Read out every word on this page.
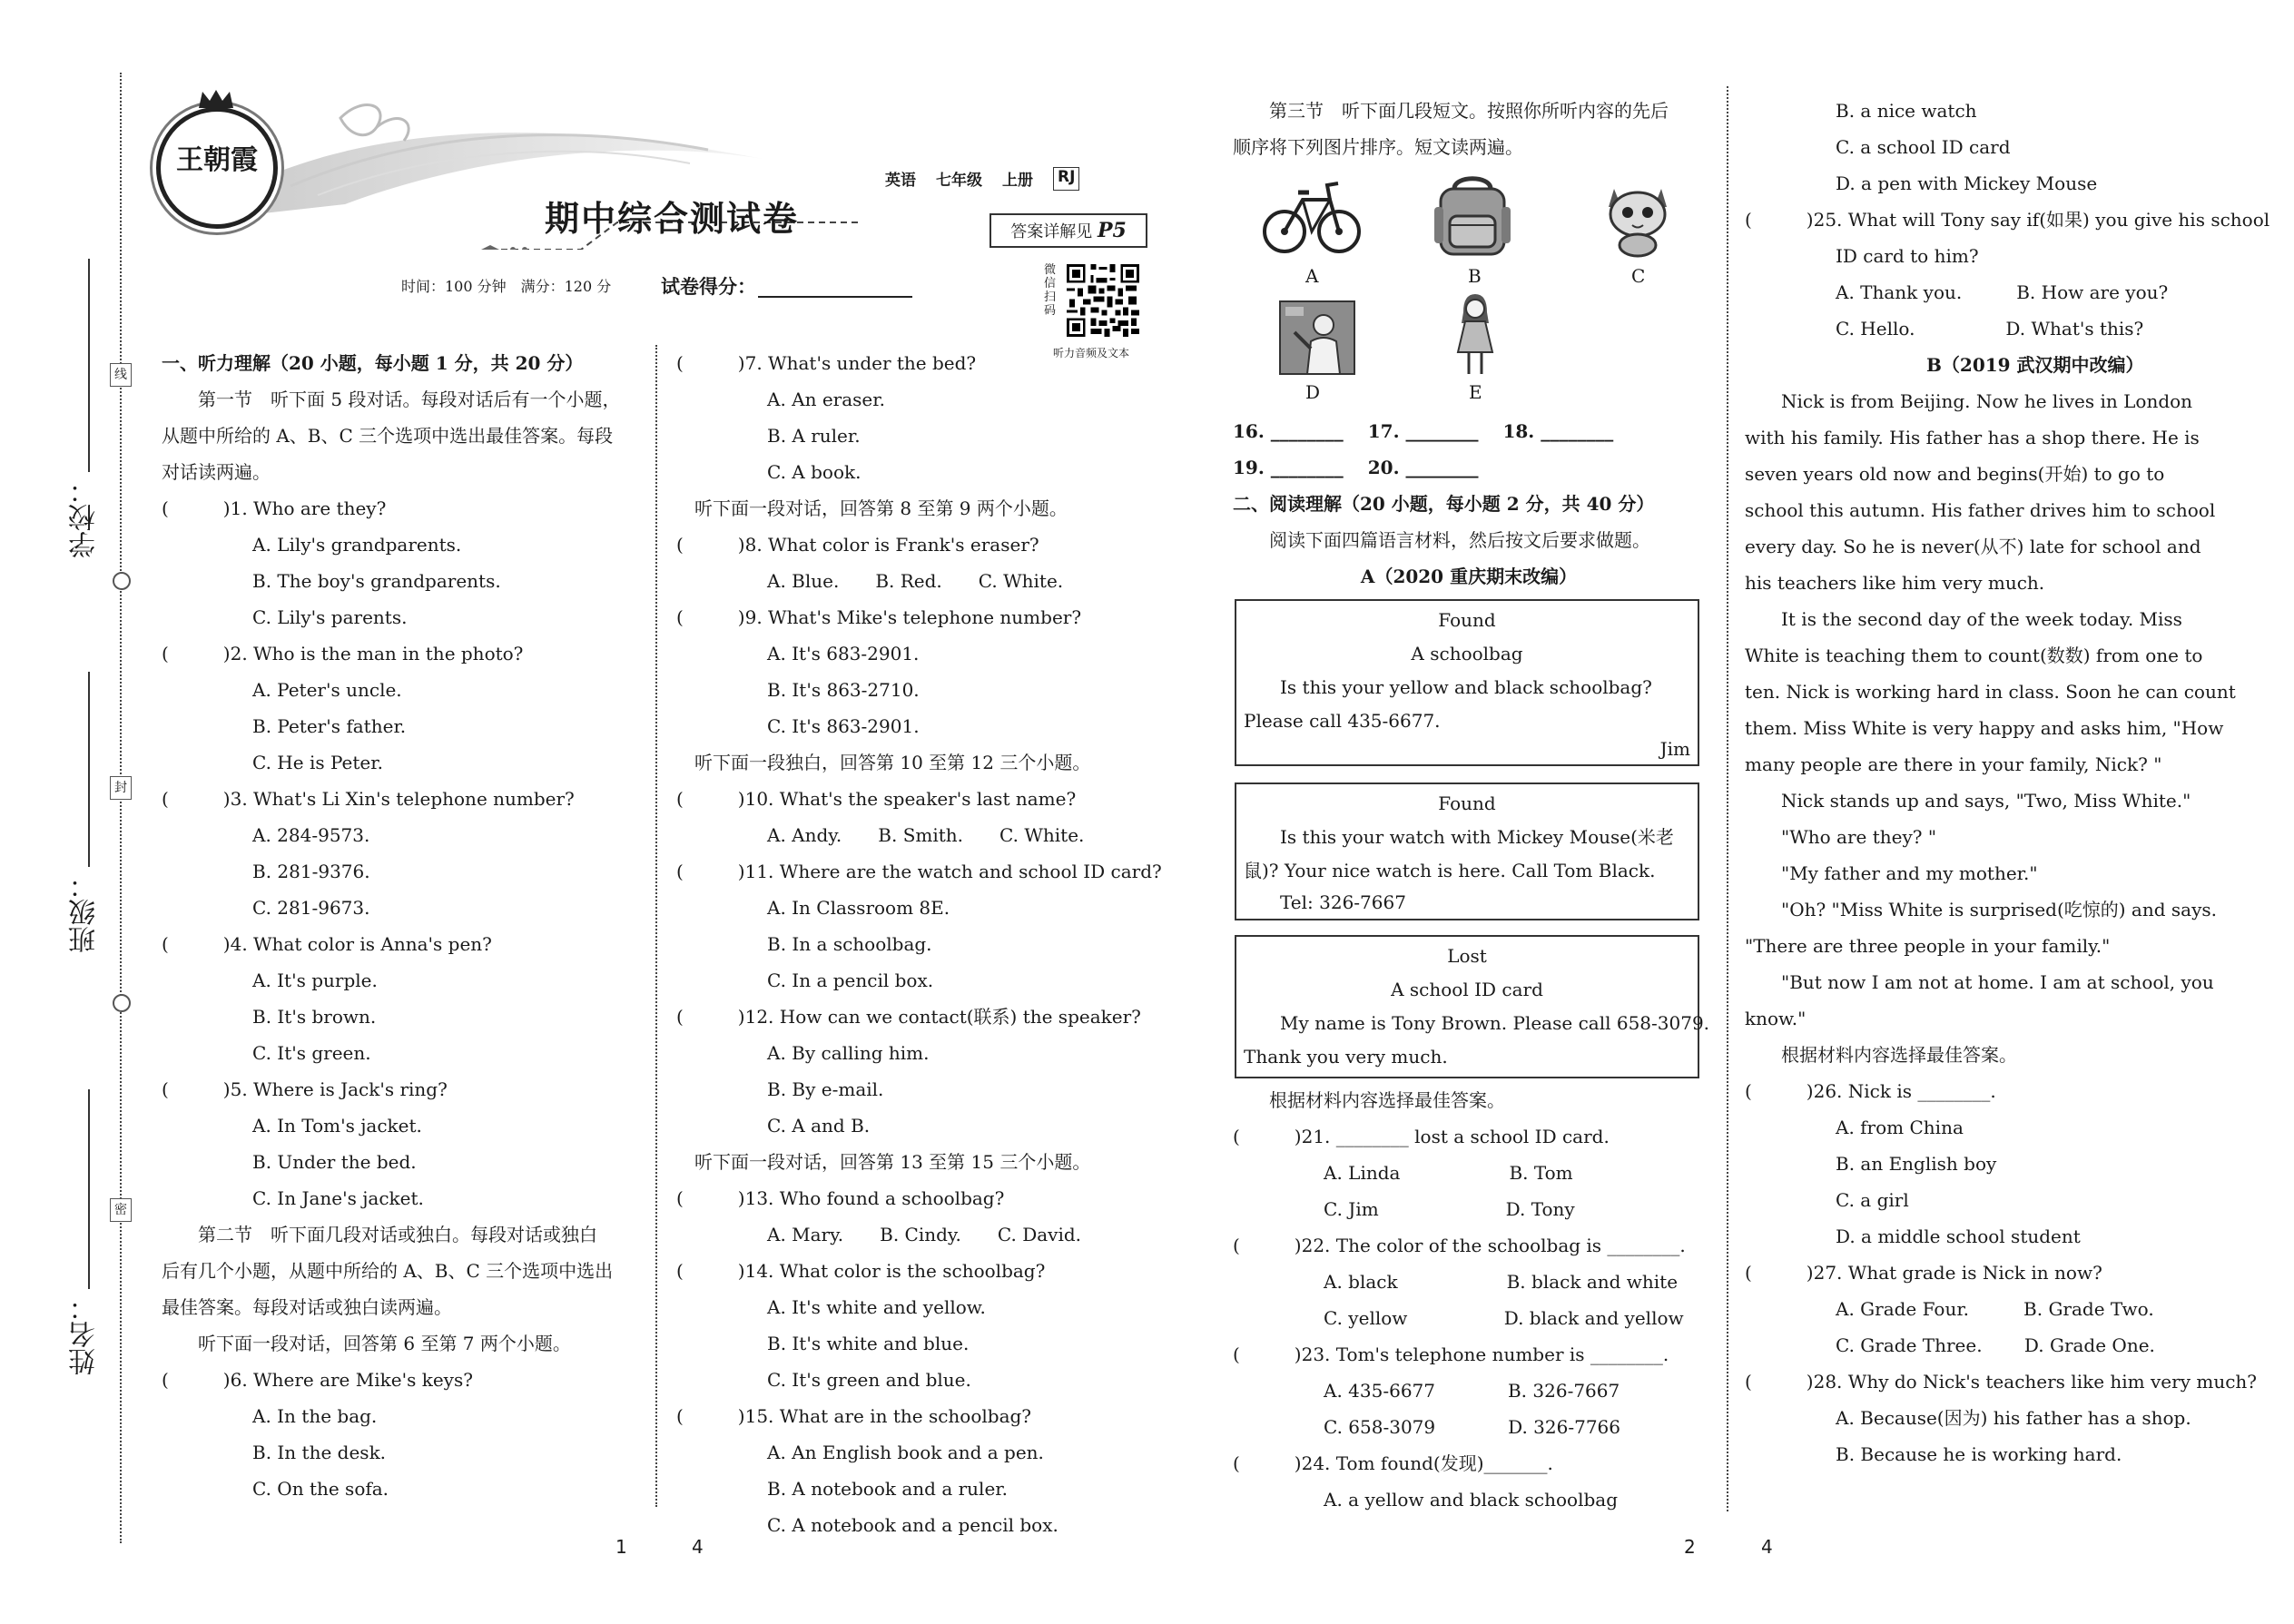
线
封
密
学校：
班级：
姓名：
王朝霞
期中综合测试卷
英语 七年级 上册 RJ
答案详解见 P5
时间：100 分钟　满分：120 分	试卷得分：
微信扫码
听力音频及文本
一、听力理解（20 小题，每小题 1 分，共 20 分）
　　第一节　听下面 5 段对话。每段对话后有一个小题，
从题中所给的 A、B、C 三个选项中选出最佳答案。每段
对话读两遍。
(　　　)1. Who are they?
　　　　　A. Lily's grandparents.
　　　　　B. The boy's grandparents.
　　　　　C. Lily's parents.
(　　　)2. Who is the man in the photo?
　　　　　A. Peter's uncle.
　　　　　B. Peter's father.
　　　　　C. He is Peter.
(　　　)3. What's Li Xin's telephone number?
　　　　　A. 284-9573.
　　　　　B. 281-9376.
　　　　　C. 281-9673.
(　　　)4. What color is Anna's pen?
　　　　　A. It's purple.
　　　　　B. It's brown.
　　　　　C. It's green.
(　　　)5. Where is Jack's ring?
　　　　　A. In Tom's jacket.
　　　　　B. Under the bed.
　　　　　C. In Jane's jacket.
　　第二节　听下面几段对话或独白。每段对话或独白
后有几个小题，从题中所给的 A、B、C 三个选项中选出
最佳答案。每段对话或独白读两遍。
　　听下面一段对话，回答第 6 至第 7 两个小题。
(　　　)6. Where are Mike's keys?
　　　　　A. In the bag.
　　　　　B. In the desk.
　　　　　C. On the sofa.
(　　　)7. What's under the bed?
　　　　　A. An eraser.
　　　　　B. A ruler.
　　　　　C. A book.
　听下面一段对话，回答第 8 至第 9 两个小题。
(　　　)8. What color is Frank's eraser?
　　　　　A. Blue.　　B. Red.　　C. White.
(　　　)9. What's Mike's telephone number?
　　　　　A. It's 683-2901.
　　　　　B. It's 863-2710.
　　　　　C. It's 863-2901.
　听下面一段独白，回答第 10 至第 12 三个小题。
(　　　)10. What's the speaker's last name?
　　　　　A. Andy.　　B. Smith.　　C. White.
(　　　)11. Where are the watch and school ID card?
　　　　　A. In Classroom 8E.
　　　　　B. In a schoolbag.
　　　　　C. In a pencil box.
(　　　)12. How can we contact(联系) the speaker?
　　　　　A. By calling him.
　　　　　B. By e-mail.
　　　　　C. A and B.
　听下面一段对话，回答第 13 至第 15 三个小题。
(　　　)13. Who found a schoolbag?
　　　　　A. Mary.　　B. Cindy.　　C. David.
(　　　)14. What color is the schoolbag?
　　　　　A. It's white and yellow.
　　　　　B. It's white and blue.
　　　　　C. It's green and blue.
(　　　)15. What are in the schoolbag?
　　　　　A. An English book and a pen.
　　　　　B. A notebook and a ruler.
　　　　　C. A notebook and a pencil box.
1	4
　　第三节　听下面几段短文。按照你所听内容的先后
顺序将下列图片排序。短文读两遍。
A	B	C
D	E
16. ________　 17. ________　 18. ________
19. ________　 20. ________
二、阅读理解（20 小题，每小题 2 分，共 40 分）
　　阅读下面四篇语言材料，然后按文后要求做题。
A（2020 重庆期末改编）
Found
A schoolbag
　　Is this your yellow and black schoolbag?
Please call 435-6677.
Jim
Found
　　Is this your watch with Mickey Mouse(米老
鼠)? Your nice watch is here. Call Tom Black.
　　Tel: 326-7667
Lost
A school ID card
　　My name is Tony Brown. Please call 658-3079.
Thank you very much.
　　根据材料内容选择最佳答案。
(　　　)21. ________ lost a school ID card.
　　　　　A. Linda　　　　　　B. Tom
　　　　　C. Jim　　　　　　　D. Tony
(　　　)22. The color of the schoolbag is ________.
　　　　　A. black　　　　　　B. black and white
　　　　　C. yellow　　　　　 D. black and yellow
(　　　)23. Tom's telephone number is ________.
　　　　　A. 435-6677　　　　B. 326-7667
　　　　　C. 658-3079　　　　D. 326-7766
(　　　)24. Tom found(发现)_______.
　　　　　A. a yellow and black schoolbag
　　　　　B. a nice watch
　　　　　C. a school ID card
　　　　　D. a pen with Mickey Mouse
(　　　)25. What will Tony say if(如果) you give his school
　　　　　ID card to him?
　　　　　A. Thank you.　　　B. How are you?
　　　　　C. Hello.　　　　　D. What's this?
　　　　　　　　　　B（2019 武汉期中改编）
　　Nick is from Beijing. Now he lives in London
with his family. His father has a shop there. He is
seven years old now and begins(开始) to go to
school this autumn. His father drives him to school
every day. So he is never(从不) late for school and
his teachers like him very much.
　　It is the second day of the week today. Miss
White is teaching them to count(数数) from one to
ten. Nick is working hard in class. Soon he can count
them. Miss White is very happy and asks him, "How
many people are there in your family, Nick? "
　　Nick stands up and says, "Two, Miss White."
　　"Who are they? "
　　"My father and my mother."
　　"Oh? "Miss White is surprised(吃惊的) and says.
"There are three people in your family."
　　"But now I am not at home. I am at school, you
know."
　　根据材料内容选择最佳答案。
(　　　)26. Nick is ________.
　　　　　A. from China
　　　　　B. an English boy
　　　　　C. a girl
　　　　　D. a middle school student
(　　　)27. What grade is Nick in now?
　　　　　A. Grade Four.　　　B. Grade Two.
　　　　　C. Grade Three.　　 D. Grade One.
(　　　)28. Why do Nick's teachers like him very much?
　　　　　A. Because(因为) his father has a shop.
　　　　　B. Because he is working hard.
2	4
